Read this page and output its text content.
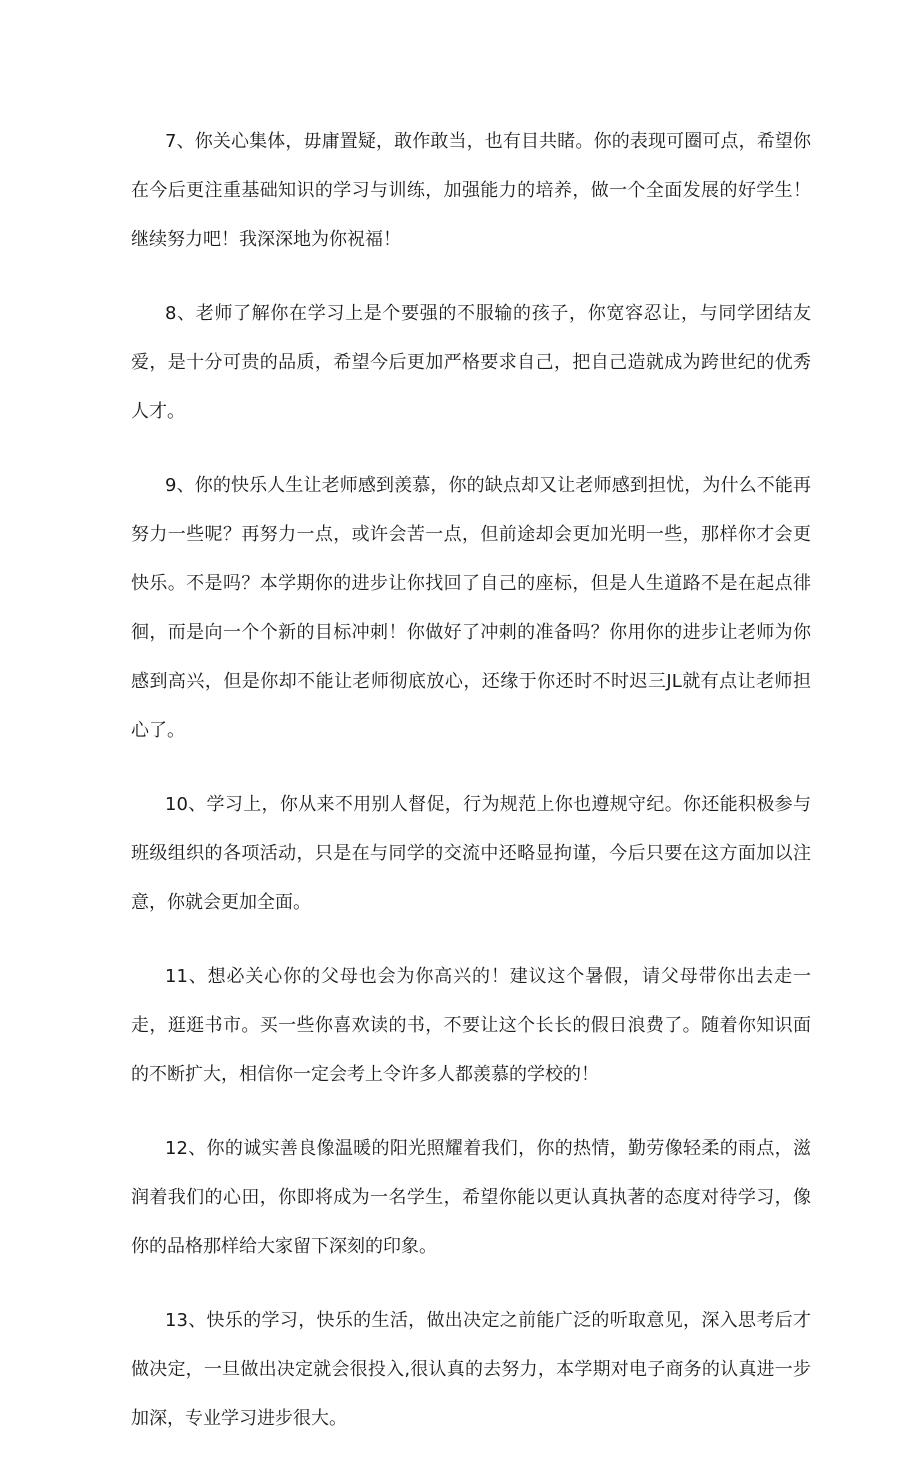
7、你关心集体，毋庸置疑，敢作敢当，也有目共睹。你的表现可圈可点，希望你在今后更注重基础知识的学习与训练，加强能力的培养，做一个全面发展的好学生！继续努力吧！我深深地为你祝福！

8、老师了解你在学习上是个要强的不服输的孩子，你宽容忍让，与同学团结友爱，是十分可贵的品质，希望今后更加严格要求自己，把自己造就成为跨世纪的优秀人才。

9、你的快乐人生让老师感到羡慕，你的缺点却又让老师感到担忧，为什么不能再努力一些呢？再努力一点，或许会苦一点，但前途却会更加光明一些，那样你才会更快乐。不是吗？本学期你的进步让你找回了自己的座标，但是人生道路不是在起点徘徊，而是向一个个新的目标冲刺！你做好了冲刺的准备吗？你用你的进步让老师为你感到高兴，但是你却不能让老师彻底放心，还缘于你还时不时迟三JL就有点让老师担心了。

10、学习上，你从来不用别人督促，行为规范上你也遵规守纪。你还能积极参与班级组织的各项活动，只是在与同学的交流中还略显拘谨，今后只要在这方面加以注意，你就会更加全面。

11、想必关心你的父母也会为你高兴的！建议这个暑假，请父母带你出去走一走，逛逛书市。买一些你喜欢读的书，不要让这个长长的假日浪费了。随着你知识面的不断扩大，相信你一定会考上令许多人都羡慕的学校的！

12、你的诚实善良像温暖的阳光照耀着我们，你的热情，勤劳像轻柔的雨点，滋润着我们的心田，你即将成为一名学生，希望你能以更认真执著的态度对待学习，像你的品格那样给大家留下深刻的印象。

13、快乐的学习，快乐的生活，做出决定之前能广泛的听取意见，深入思考后才做决定，一旦做出决定就会很投入,很认真的去努力，本学期对电子商务的认真进一步加深，专业学习进步很大。
